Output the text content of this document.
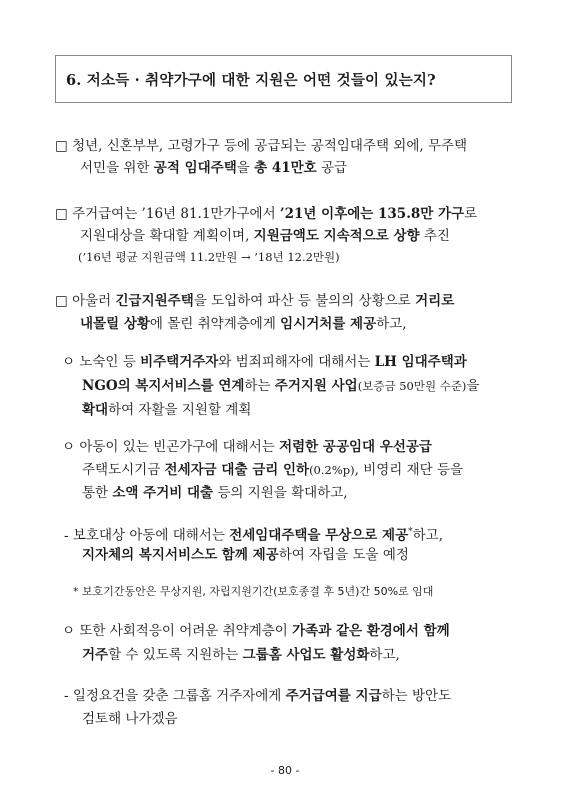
6. 저소득 · 취약가구에 대한 지원은 어떤 것들이 있는지?
□ 청년, 신혼부부, 고령가구 등에 공급되는 공적임대주택 외에, 무주택
서민을 위한 공적 임대주택을 총 41만호 공급
□ 주거급여는 ’16년 81.1만가구에서 ’21년 이후에는 135.8만 가구로
지원대상을 확대할 계획이며, 지원금액도 지속적으로 상향 추진
(’16년 평균 지원금액 11.2만원 → ’18년 12.2만원)
□ 아울러 긴급지원주택을 도입하여 파산 등 불의의 상황으로 거리로
내몰릴 상황에 몰린 취약계층에게 임시거처를 제공하고,
ㅇ 노숙인 등 비주택거주자와 범죄피해자에 대해서는 LH 임대주택과
NGO의 복지서비스를 연계하는 주거지원 사업(보증금 50만원 수준)을
확대하여 자활을 지원할 계획
ㅇ 아동이 있는 빈곤가구에 대해서는 저렴한 공공임대 우선공급
주택도시기금 전세자금 대출 금리 인하(0.2%p), 비영리 재단 등을
통한 소액 주거비 대출 등의 지원을 확대하고,
- 보호대상 아동에 대해서는 전세임대주택을 무상으로 제공*하고,
지자체의 복지서비스도 함께 제공하여 자립을 도울 예정
* 보호기간동안은 무상지원, 자립지원기간(보호종결 후 5년)간 50%로 임대
ㅇ 또한 사회적응이 어려운 취약계층이 가족과 같은 환경에서 함께
거주할 수 있도록 지원하는 그룹홈 사업도 활성화하고,
- 일정요건을 갖춘 그룹홈 거주자에게 주거급여를 지급하는 방안도
검토해 나가겠음
- 80 -
